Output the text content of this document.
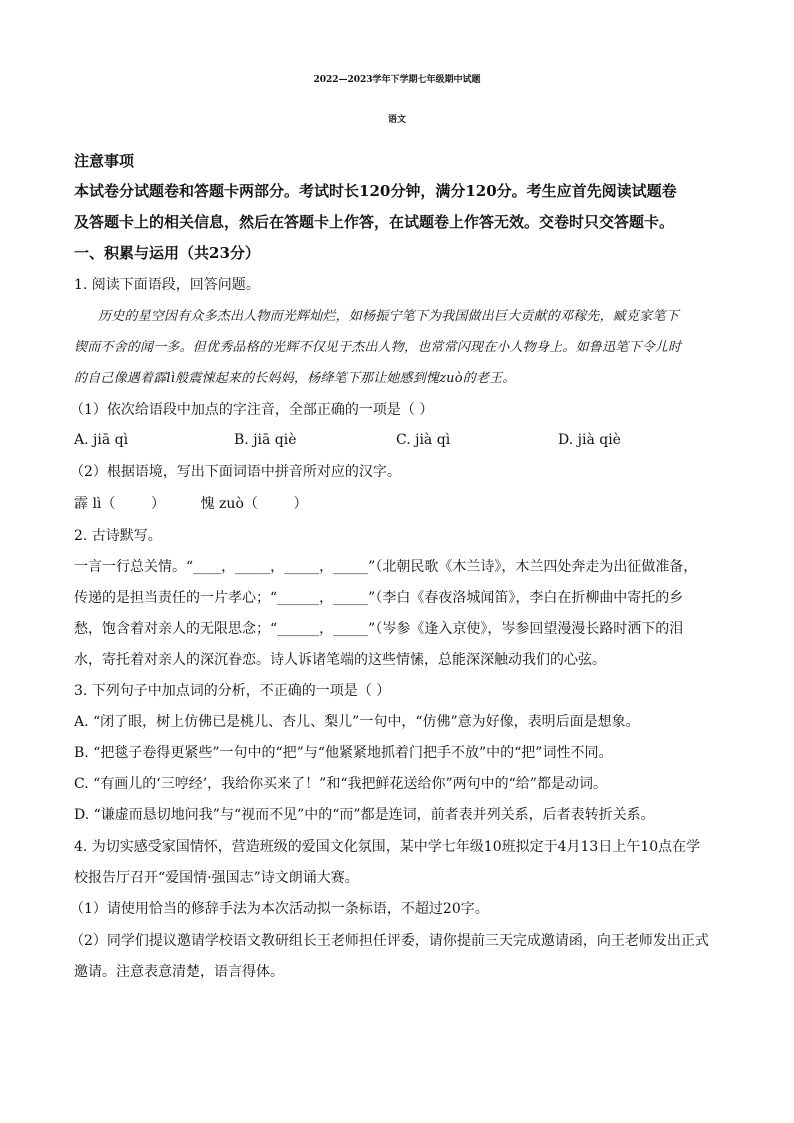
2022—2023学年下学期七年级期中试题
语文
注意事项
本试卷分试题卷和答题卡两部分。考试时长120分钟，满分120分。考生应首先阅读试题卷
及答题卡上的相关信息，然后在答题卡上作答，在试题卷上作答无效。交卷时只交答题卡。
一、积累与运用（共23分）
1. 阅读下面语段，回答问题。
历史的星空因有众多杰出人物而光辉灿烂，如杨振宁笔下为我国做出巨大贡献的邓稼先，臧克家笔下
锲而不舍的闻一多。但优秀品格的光辉不仅见于杰出人物，也常常闪现在小人物身上。如鲁迅笔下令儿时
的自己像遇着霹lì般震悚起来的长妈妈，杨绛笔下那让她感到愧zuò的老王。
（1）依次给语段中加点的字注音，全部正确的一项是（ ）
A. jiā qì	B. jiā qiè	C. jià qì	D. jià qiè
（2）根据语境，写出下面词语中拼音所对应的汉字。
霹 lì（        ）        愧 zuò（        ）
2. 古诗默写。
一言一行总关情。“____，_____，_____，_____”（北朝民歌《木兰诗》，木兰四处奔走为出征做准备，
传递的是担当责任的一片孝心；“______，_____”（李白《春夜洛城闻笛》，李白在折柳曲中寄托的乡
愁，饱含着对亲人的无限思念；“______，_____”（岑参《逢入京使》，岑参回望漫漫长路时洒下的泪
水，寄托着对亲人的深沉眷恋。诗人诉诸笔端的这些情愫，总能深深触动我们的心弦。
3. 下列句子中加点词的分析，不正确的一项是（ ）
A. “闭了眼，树上仿佛已是桃儿、杏儿、梨儿”一句中，“仿佛”意为好像，表明后面是想象。
B. “把毯子卷得更紧些”一句中的“把”与“他紧紧地抓着门把手不放”中的“把”词性不同。
C. “有画儿的‘三哼经’，我给你买来了！”和“我把鲜花送给你”两句中的“给”都是动词。
D. “谦虚而恳切地问我”与“视而不见”中的“而”都是连词，前者表并列关系，后者表转折关系。
4. 为切实感受家国情怀，营造班级的爱国文化氛围，某中学七年级10班拟定于4月13日上午10点在学
校报告厅召开“爱国情·强国志”诗文朗诵大赛。
（1）请使用恰当的修辞手法为本次活动拟一条标语，不超过20字。
（2）同学们提议邀请学校语文教研组长王老师担任评委，请你提前三天完成邀请函，向王老师发出正式
邀请。注意表意清楚，语言得体。
